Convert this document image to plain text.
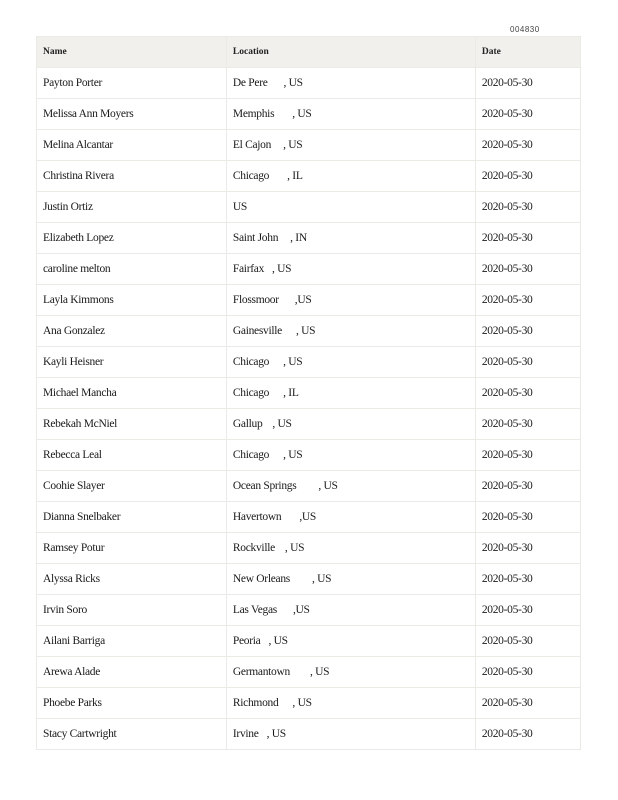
004830
Name	Location	Date
Payton Porter	De Pere , US	2020-05-30
Melissa Ann Moyers	Memphis , US	2020-05-30
Melina Alcantar	El Cajon , US	2020-05-30
Christina Rivera	Chicago , IL	2020-05-30
Justin Ortiz	US	2020-05-30
Elizabeth Lopez	Saint John , IN	2020-05-30
caroline melton	Fairfax , US	2020-05-30
Layla Kimmons	Flossmoor ,US	2020-05-30
Ana Gonzalez	Gainesville , US	2020-05-30
Kayli Heisner	Chicago , US	2020-05-30
Michael Mancha	Chicago , IL	2020-05-30
Rebekah McNiel	Gallup , US	2020-05-30
Rebecca Leal	Chicago , US	2020-05-30
Coohie Slayer	Ocean Springs , US	2020-05-30
Dianna Snelbaker	Havertown ,US	2020-05-30
Ramsey Potur	Rockville , US	2020-05-30
Alyssa Ricks	New Orleans , US	2020-05-30
Irvin Soro	Las Vegas ,US	2020-05-30
Ailani Barriga	Peoria , US	2020-05-30
Arewa Alade	Germantown , US	2020-05-30
Phoebe Parks	Richmond , US	2020-05-30
Stacy Cartwright	Irvine , US	2020-05-30
